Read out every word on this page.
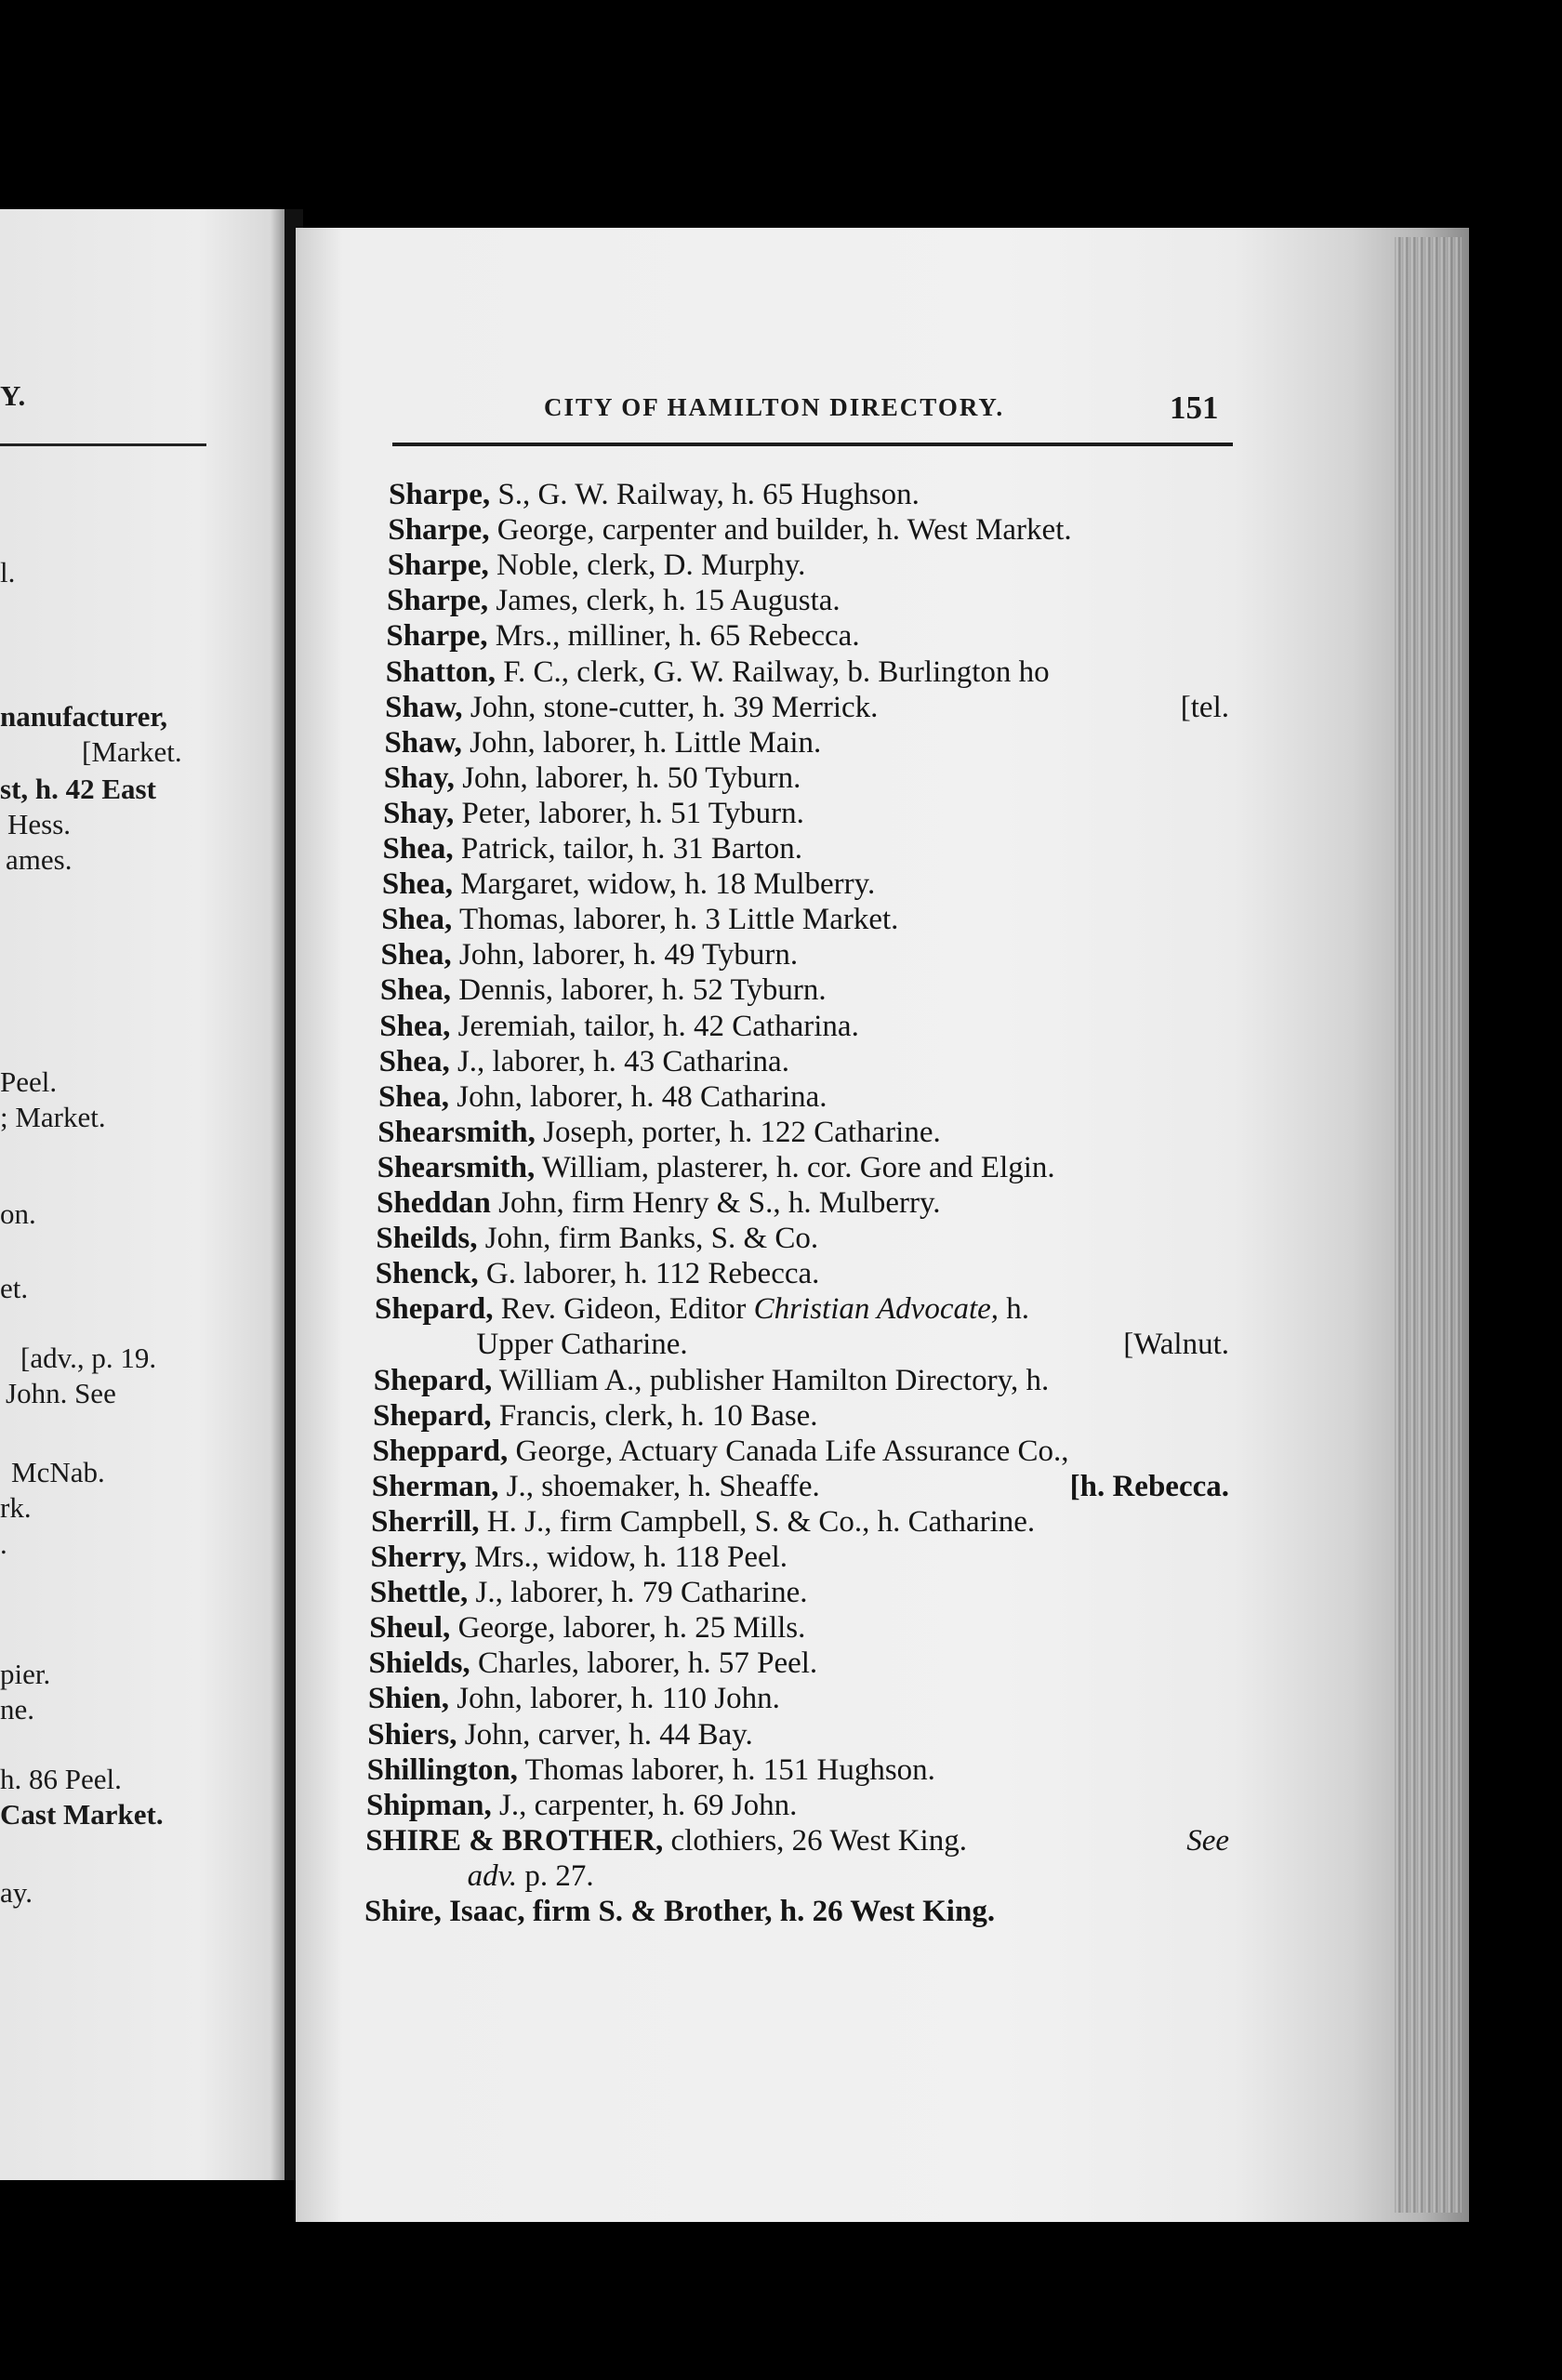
Y.
l.
nanufacturer,
[Market.
st, h. 42 East
Hess.
ames.
Peel.
; Market.
on.
et.
[adv., p. 19.
John. See
McNab.
rk.
.
pier.
ne.
h. 86 Peel.
Cast Market.
ay.
CITY OF HAMILTON DIRECTORY.	151
Sharpe, S., G. W. Railway, h. 65 Hughson.
Sharpe, George, carpenter and builder, h. West Market.
Sharpe, Noble, clerk, D. Murphy.
Sharpe, James, clerk, h. 15 Augusta.
Sharpe, Mrs., milliner, h. 65 Rebecca.
Shatton, F. C., clerk, G. W. Railway, b. Burlington ho
Shaw, John, stone-cutter, h. 39 Merrick.	[tel.
Shaw, John, laborer, h. Little Main.
Shay, John, laborer, h. 50 Tyburn.
Shay, Peter, laborer, h. 51 Tyburn.
Shea, Patrick, tailor, h. 31 Barton.
Shea, Margaret, widow, h. 18 Mulberry.
Shea, Thomas, laborer, h. 3 Little Market.
Shea, John, laborer, h. 49 Tyburn.
Shea, Dennis, laborer, h. 52 Tyburn.
Shea, Jeremiah, tailor, h. 42 Catharina.
Shea, J., laborer, h. 43 Catharina.
Shea, John, laborer, h. 48 Catharina.
Shearsmith, Joseph, porter, h. 122 Catharine.
Shearsmith, William, plasterer, h. cor. Gore and Elgin.
Sheddan John, firm Henry & S., h. Mulberry.
Sheilds, John, firm Banks, S. & Co.
Shenck, G. laborer, h. 112 Rebecca.
Shepard, Rev. Gideon, Editor Christian Advocate, h.
Upper Catharine.	[Walnut.
Shepard, William A., publisher Hamilton Directory, h.
Shepard, Francis, clerk, h. 10 Base.
Sheppard, George, Actuary Canada Life Assurance Co.,
Sherman, J., shoemaker, h. Sheaffe.	[h. Rebecca.
Sherrill, H. J., firm Campbell, S. & Co., h. Catharine.
Sherry, Mrs., widow, h. 118 Peel.
Shettle, J., laborer, h. 79 Catharine.
Sheul, George, laborer, h. 25 Mills.
Shields, Charles, laborer, h. 57 Peel.
Shien, John, laborer, h. 110 John.
Shiers, John, carver, h. 44 Bay.
Shillington, Thomas laborer, h. 151 Hughson.
Shipman, J., carpenter, h. 69 John.
SHIRE & BROTHER, clothiers, 26 West King.	See
adv. p. 27.
Shire, Isaac, firm S. & Brother, h. 26 West King.
